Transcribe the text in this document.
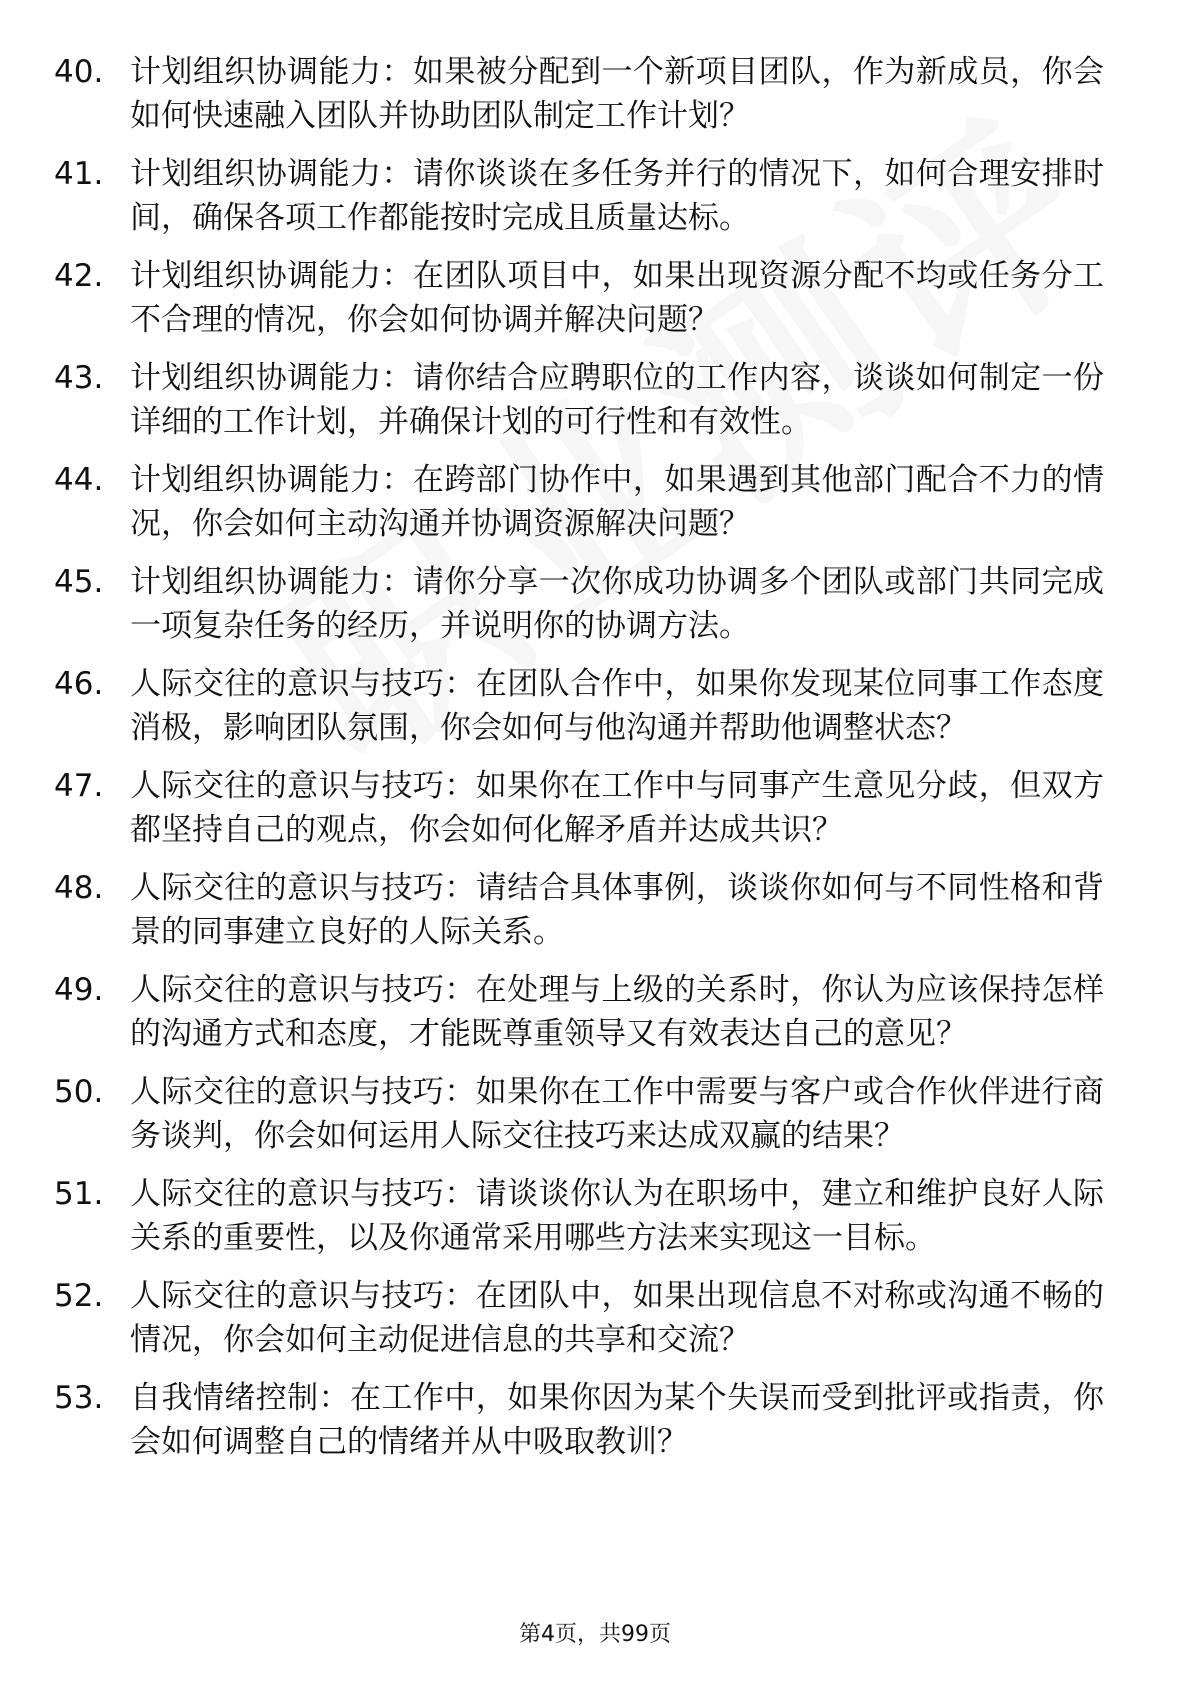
40. 计划组织协调能力：如果被分配到一个新项目团队，作为新成员，你会如何快速融入团队并协助团队制定工作计划？
41. 计划组织协调能力：请你谈谈在多任务并行的情况下，如何合理安排时间，确保各项工作都能按时完成且质量达标。
42. 计划组织协调能力：在团队项目中，如果出现资源分配不均或任务分工不合理的情况，你会如何协调并解决问题？
43. 计划组织协调能力：请你结合应聘职位的工作内容，谈谈如何制定一份详细的工作计划，并确保计划的可行性和有效性。
44. 计划组织协调能力：在跨部门协作中，如果遇到其他部门配合不力的情况，你会如何主动沟通并协调资源解决问题？
45. 计划组织协调能力：请你分享一次你成功协调多个团队或部门共同完成一项复杂任务的经历，并说明你的协调方法。
46. 人际交往的意识与技巧：在团队合作中，如果你发现某位同事工作态度消极，影响团队氛围，你会如何与他沟通并帮助他调整状态？
47. 人际交往的意识与技巧：如果你在工作中与同事产生意见分歧，但双方都坚持自己的观点，你会如何化解矛盾并达成共识？
48. 人际交往的意识与技巧：请结合具体事例，谈谈你如何与不同性格和背景的同事建立良好的人际关系。
49. 人际交往的意识与技巧：在处理与上级的关系时，你认为应该保持怎样的沟通方式和态度，才能既尊重领导又有效表达自己的意见？
50. 人际交往的意识与技巧：如果你在工作中需要与客户或合作伙伴进行商务谈判，你会如何运用人际交往技巧来达成双赢的结果？
51. 人际交往的意识与技巧：请谈谈你认为在职场中，建立和维护良好人际关系的重要性，以及你通常采用哪些方法来实现这一目标。
52. 人际交往的意识与技巧：在团队中，如果出现信息不对称或沟通不畅的情况，你会如何主动促进信息的共享和交流？
53. 自我情绪控制：在工作中，如果你因为某个失误而受到批评或指责，你会如何调整自己的情绪并从中吸取教训？
第4页，共99页
